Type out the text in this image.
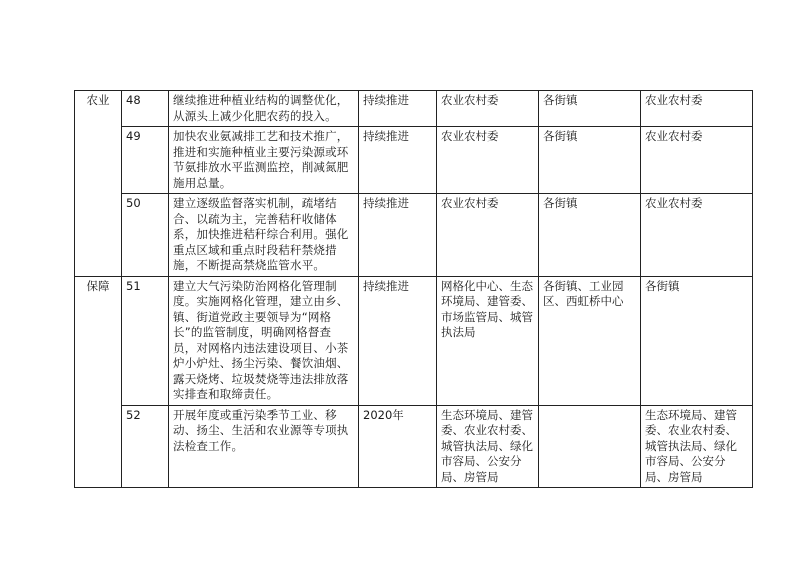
农业	48	继续推进种植业结构的调整优化，从源头上减少化肥农药的投入。	持续推进	农业农村委	各街镇	农业农村委
	49	加快农业氨减排工艺和技术推广，推进和实施种植业主要污染源或环节氨排放水平监测监控，削减氮肥施用总量。	持续推进	农业农村委	各街镇	农业农村委
	50	建立逐级监督落实机制，疏堵结合、以疏为主，完善秸秆收储体系，加快推进秸秆综合利用。强化重点区域和重点时段秸秆禁烧措施，不断提高禁烧监管水平。	持续推进	农业农村委	各街镇	农业农村委
保障	51	建立大气污染防治网格化管理制度。实施网格化管理，建立由乡、镇、街道党政主要领导为“网格长”的监管制度，明确网格督查员，对网格内违法建设项目、小茶炉小炉灶、扬尘污染、餐饮油烟、露天烧烤、垃圾焚烧等违法排放落实排查和取缔责任。	持续推进	网格化中心、生态环境局、建管委、市场监管局、城管执法局	各街镇、工业园区、西虹桥中心	各街镇
	52	开展年度或重污染季节工业、移动、扬尘、生活和农业源等专项执法检查工作。	2020年	生态环境局、建管委、农业农村委、城管执法局、绿化市容局、公安分局、房管局		生态环境局、建管委、农业农村委、城管执法局、绿化市容局、公安分局、房管局
